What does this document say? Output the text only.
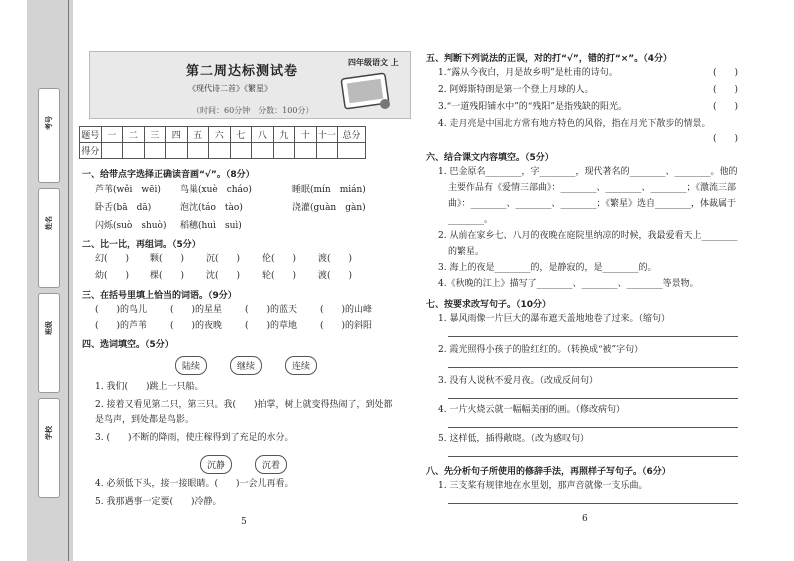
考号
姓名
班级
学校
第二周达标测试卷
四年级语文 上
《现代诗二首》《繁星》
（时间：60分钟　分数：100分）
题号	一	二	三	四	五	六	七	八	九	十	十一	总分
得分												
一、给带点字选择正确读音画“√”。（8分）
芦苇(wěi　wēi) 鸟巢(xuè　cháo)	睡眠(mín　mián)
卧舌(bā　dā)	泡沈(táo　tào)	浇灌(guàn　gàn)
闪烁(suò　shuò) 稻穗(huì　suì)
二、比一比，再组词。（5分）
幻(　　) 颗(　　) 沉(　　) 伦(　　) 渡(　　)
幼(　　) 棵(　　) 沈(　　) 轮(　　) 渡(　　)
三、在括号里填上恰当的词语。（9分）
(　　)的鸟儿	(　　)的星星	(　　)的蓝天	(　　)的山峰
(　　)的芦苇	(　　)的夜晚	(　　)的草地	(　　)的斜阳
四、选词填空。（5分）
陆续	继续	连续
1. 我们(　　)跳上一只船。
2. 接着又看见第二只，第三只。我(　　)拍掌，树上就变得热闹了，到处都
是鸟声，到处都是鸟影。
3. (　　)不断的降雨，使庄稼得到了充足的水分。
沉静	沉着
4. 必须低下头，接一接眼睛。(　　)一会儿再看。
5. 我那遇事一定要(　　)冷静。
5
五、判断下列说法的正误，对的打“√”，错的打“×”。（4分）
1.“露从今夜白，月是故乡明”是杜甫的诗句。	(　　)
2. 阿姆斯特朗是第一个登上月球的人。	(　　)
3.“一道残阳铺水中”的“残阳”是指残缺的阳光。	(　　)
4. 走月亮是中国北方常有地方特色的风俗，指在月光下散步的情景。
(　　)
六、结合课文内容填空。（5分）
1. 巴金原名________，字________，现代著名的________、________。他的
主要作品有《爱情三部曲》：________、________、________；《激流三部
曲》：________、________、________；《繁星》选自________，体裁属于
________。
2. 从前在家乡七、八月的夜晚在庭院里纳凉的时候，我最爱看天上________
的繁星。
3. 海上的夜是________的，是静寂的，是________的。
4.《秋晚的江上》描写了________、________、________等景物。
七、按要求改写句子。（10分）
1. 暴风雨像一片巨大的瀑布遮天盖地地卷了过来。（缩句）
2. 霞光照得小孩子的脸红红的。（转换成“被”字句）
3. 没有人说秋不爱月夜。（改成反问句）
4. 一片火烧云就一幅幅美丽的画。（修改病句）
5. 这样低，插得敞晓。（改为感叹句）
八、先分析句子所使用的修辞手法，再照样子写句子。（6分）
1. 三支桨有规律地在水里划，那声音就像一支乐曲。
6
